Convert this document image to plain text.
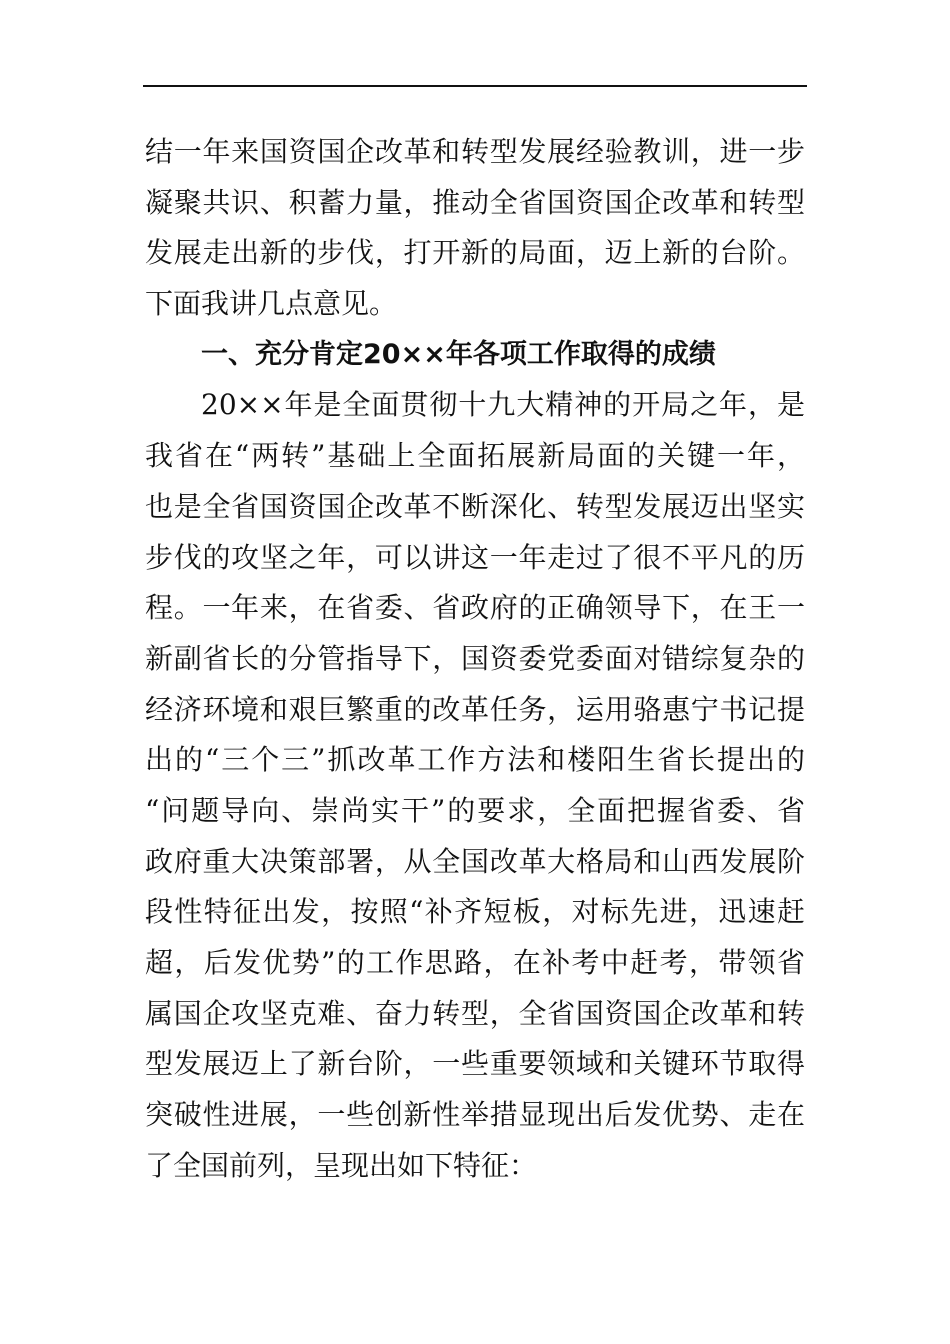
结一年来国资国企改革和转型发展经验教训，进一步
凝聚共识、积蓄力量，推动全省国资国企改革和转型
发展走出新的步伐，打开新的局面，迈上新的台阶。
下面我讲几点意见。
一、充分肯定20××年各项工作取得的成绩
20××年是全面贯彻十九大精神的开局之年，是
我省在“两转”基础上全面拓展新局面的关键一年，
也是全省国资国企改革不断深化、转型发展迈出坚实
步伐的攻坚之年，可以讲这一年走过了很不平凡的历
程。一年来，在省委、省政府的正确领导下，在王一
新副省长的分管指导下，国资委党委面对错综复杂的
经济环境和艰巨繁重的改革任务，运用骆惠宁书记提
出的“三个三”抓改革工作方法和楼阳生省长提出的
“问题导向、崇尚实干”的要求，全面把握省委、省
政府重大决策部署，从全国改革大格局和山西发展阶
段性特征出发，按照“补齐短板，对标先进，迅速赶
超，后发优势”的工作思路，在补考中赶考，带领省
属国企攻坚克难、奋力转型，全省国资国企改革和转
型发展迈上了新台阶，一些重要领域和关键环节取得
突破性进展，一些创新性举措显现出后发优势、走在
了全国前列，呈现出如下特征：
